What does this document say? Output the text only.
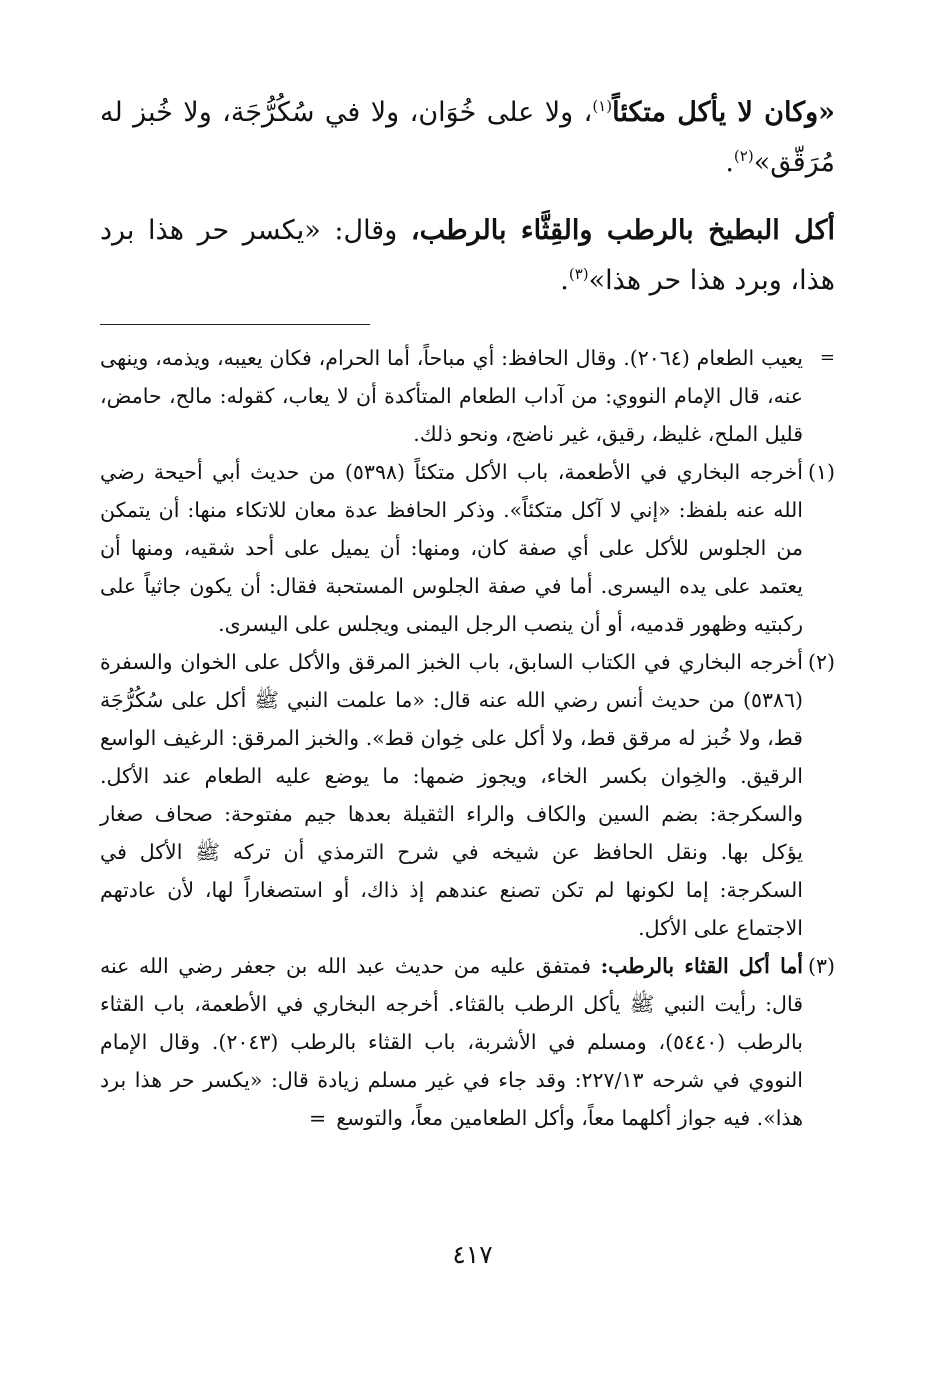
«وكان لا يأكل متكئاً$^{(١)}$، ولا على خُوَان، ولا في سُكُرُّجَة، ولا خُبز له مُرَقّق»$^{(٢)}$.

أكل البطيخ بالرطب والقِثَّاء بالرطب، وقال: «يكسر حر هذا برد هذا، وبرد هذا حر هذا»$^{(٣)}$.

=
يعيب الطعام (٢٠٦٤). وقال الحافظ: أي مباحاً، أما الحرام، فكان يعيبه، ويذمه، وينهى عنه، قال الإمام النووي: من آداب الطعام المتأكدة أن لا يعاب، كقوله: مالح، حامض، قليل الملح، غليظ، رقيق، غير ناضج، ونحو ذلك.
(١)
أخرجه البخاري في الأطعمة، باب الأكل متكئاً (٥٣٩٨) من حديث أبي أحيحة رضي الله عنه بلفظ: «إني لا آكل متكئاً». وذكر الحافظ عدة معان للاتكاء منها: أن يتمكن من الجلوس للأكل على أي صفة كان، ومنها: أن يميل على أحد شقيه، ومنها أن يعتمد على يده اليسرى. أما في صفة الجلوس المستحبة فقال: أن يكون جاثياً على ركبتيه وظهور قدميه، أو أن ينصب الرجل اليمنى ويجلس على اليسرى.
(٢)
أخرجه البخاري في الكتاب السابق، باب الخبز المرقق والأكل على الخوان والسفرة (٥٣٨٦) من حديث أنس رضي الله عنه قال: «ما علمت النبي ﷺ أكل على سُكُرُّجَة قط، ولا خُبز له مرقق قط، ولا أكل على خِوان قط». والخبز المرقق: الرغيف الواسع الرقيق. والخِوان بكسر الخاء، ويجوز ضمها: ما يوضع عليه الطعام عند الأكل. والسكرجة: بضم السين والكاف والراء الثقيلة بعدها جيم مفتوحة: صحاف صغار يؤكل بها. ونقل الحافظ عن شيخه في شرح الترمذي أن تركه ﷺ الأكل في السكرجة: إما لكونها لم تكن تصنع عندهم إذ ذاك، أو استصغاراً لها، لأن عادتهم الاجتماع على الأكل.
(٣)
أما أكل القثاء بالرطب: فمتفق عليه من حديث عبد الله بن جعفر رضي الله عنه قال: رأيت النبي ﷺ يأكل الرطب بالقثاء. أخرجه البخاري في الأطعمة، باب القثاء بالرطب (٥٤٤٠)، ومسلم في الأشربة، باب القثاء بالرطب (٢٠٤٣). وقال الإمام النووي في شرحه ٢٢٧/١٣: وقد جاء في غير مسلم زيادة قال: «يكسر حر هذا برد هذا». فيه جواز أكلهما معاً، وأكل الطعامين معاً، والتوسع=
٤١٧
